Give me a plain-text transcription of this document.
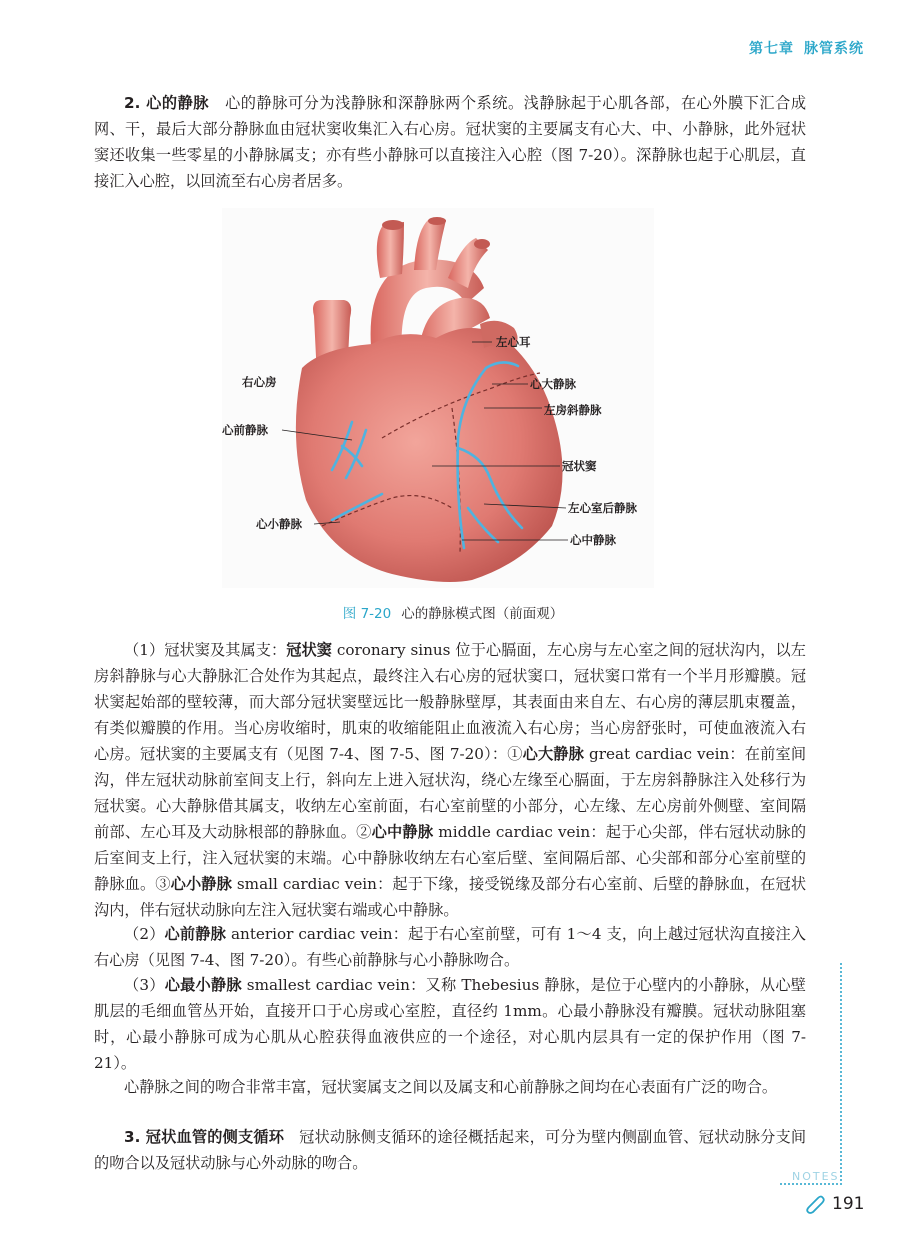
第七章 脉管系统
2. 心的静脉 心的静脉可分为浅静脉和深静脉两个系统。浅静脉起于心肌各部，在心外膜下汇合成网、干，最后大部分静脉血由冠状窦收集汇入右心房。冠状窦的主要属支有心大、中、小静脉，此外冠状窦还收集一些零星的小静脉属支；亦有些小静脉可以直接注入心腔（图 7-20）。深静脉也起于心肌层，直接汇入心腔，以回流至右心房者居多。
左心耳
右心房	心大静脉
左房斜静脉
心前静脉
冠状窦
左心室后静脉
心小静脉
心中静脉
图 7-20 心的静脉模式图（前面观）
（1）冠状窦及其属支：冠状窦 coronary sinus 位于心膈面，左心房与左心室之间的冠状沟内，以左房斜静脉与心大静脉汇合处作为其起点，最终注入右心房的冠状窦口，冠状窦口常有一个半月形瓣膜。冠状窦起始部的壁较薄，而大部分冠状窦壁远比一般静脉壁厚，其表面由来自左、右心房的薄层肌束覆盖，有类似瓣膜的作用。当心房收缩时，肌束的收缩能阻止血液流入右心房；当心房舒张时，可使血液流入右心房。冠状窦的主要属支有（见图 7-4、图 7-5、图 7-20）：①心大静脉 great cardiac vein：在前室间沟，伴左冠状动脉前室间支上行，斜向左上进入冠状沟，绕心左缘至心膈面，于左房斜静脉注入处移行为冠状窦。心大静脉借其属支，收纳左心室前面，右心室前壁的小部分，心左缘、左心房前外侧壁、室间隔前部、左心耳及大动脉根部的静脉血。②心中静脉 middle cardiac vein：起于心尖部，伴右冠状动脉的后室间支上行，注入冠状窦的末端。心中静脉收纳左右心室后壁、室间隔后部、心尖部和部分心室前壁的静脉血。③心小静脉 small cardiac vein：起于下缘，接受锐缘及部分右心室前、后壁的静脉血，在冠状沟内，伴右冠状动脉向左注入冠状窦右端或心中静脉。
（2）心前静脉 anterior cardiac vein：起于右心室前壁，可有 1～4 支，向上越过冠状沟直接注入右心房（见图 7-4、图 7-20）。有些心前静脉与心小静脉吻合。
（3）心最小静脉 smallest cardiac vein：又称 Thebesius 静脉，是位于心壁内的小静脉，从心壁肌层的毛细血管丛开始，直接开口于心房或心室腔，直径约 1mm。心最小静脉没有瓣膜。冠状动脉阻塞时，心最小静脉可成为心肌从心腔获得血液供应的一个途径，对心肌内层具有一定的保护作用（图 7-21）。
心静脉之间的吻合非常丰富，冠状窦属支之间以及属支和心前静脉之间均在心表面有广泛的吻合。
3. 冠状血管的侧支循环 冠状动脉侧支循环的途径概括起来，可分为壁内侧副血管、冠状动脉分支间的吻合以及冠状动脉与心外动脉的吻合。
NOTES
191
